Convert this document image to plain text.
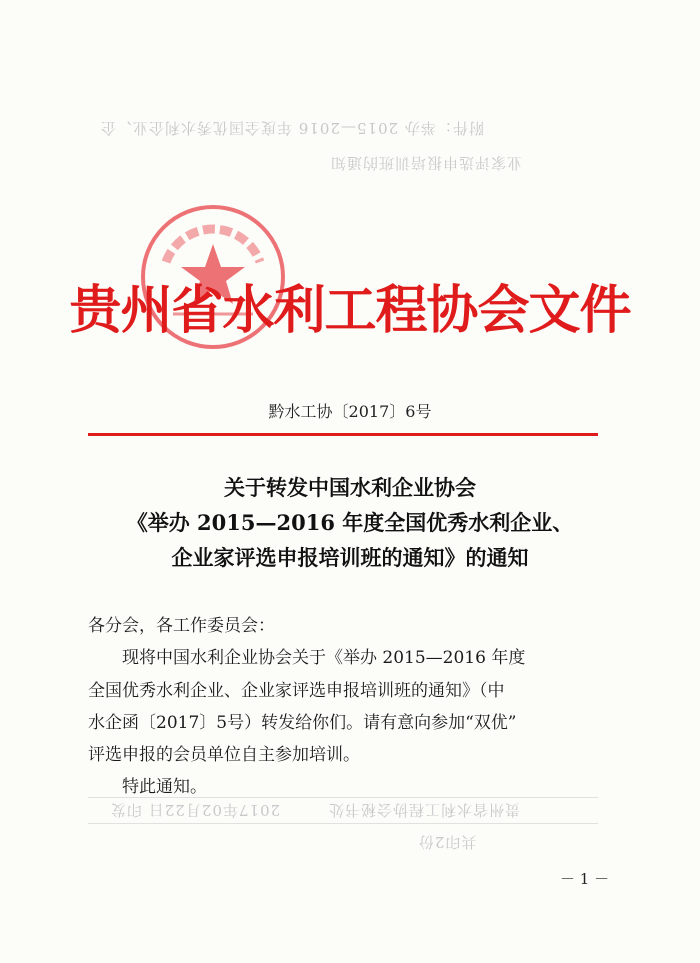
附件：举办 2015—2016 年度全国优秀水利企业、企
业家评选申报培训班的通知
贵州省水利工程协会秘书处　　　2017年02月22日 印发
共印2份
贵州省水利工程协会文件
黔水工协〔2017〕6号
关于转发中国水利企业协会
《举办 2015—2016 年度全国优秀水利企业、
企业家评选申报培训班的通知》的通知
各分会，各工作委员会：
现将中国水利企业协会关于《举办 2015—2016 年度
全国优秀水利企业、企业家评选申报培训班的通知》（中
水企函〔2017〕5号）转发给你们。请有意向参加“双优”
评选申报的会员单位自主参加培训。
特此通知。
－ 1 －
